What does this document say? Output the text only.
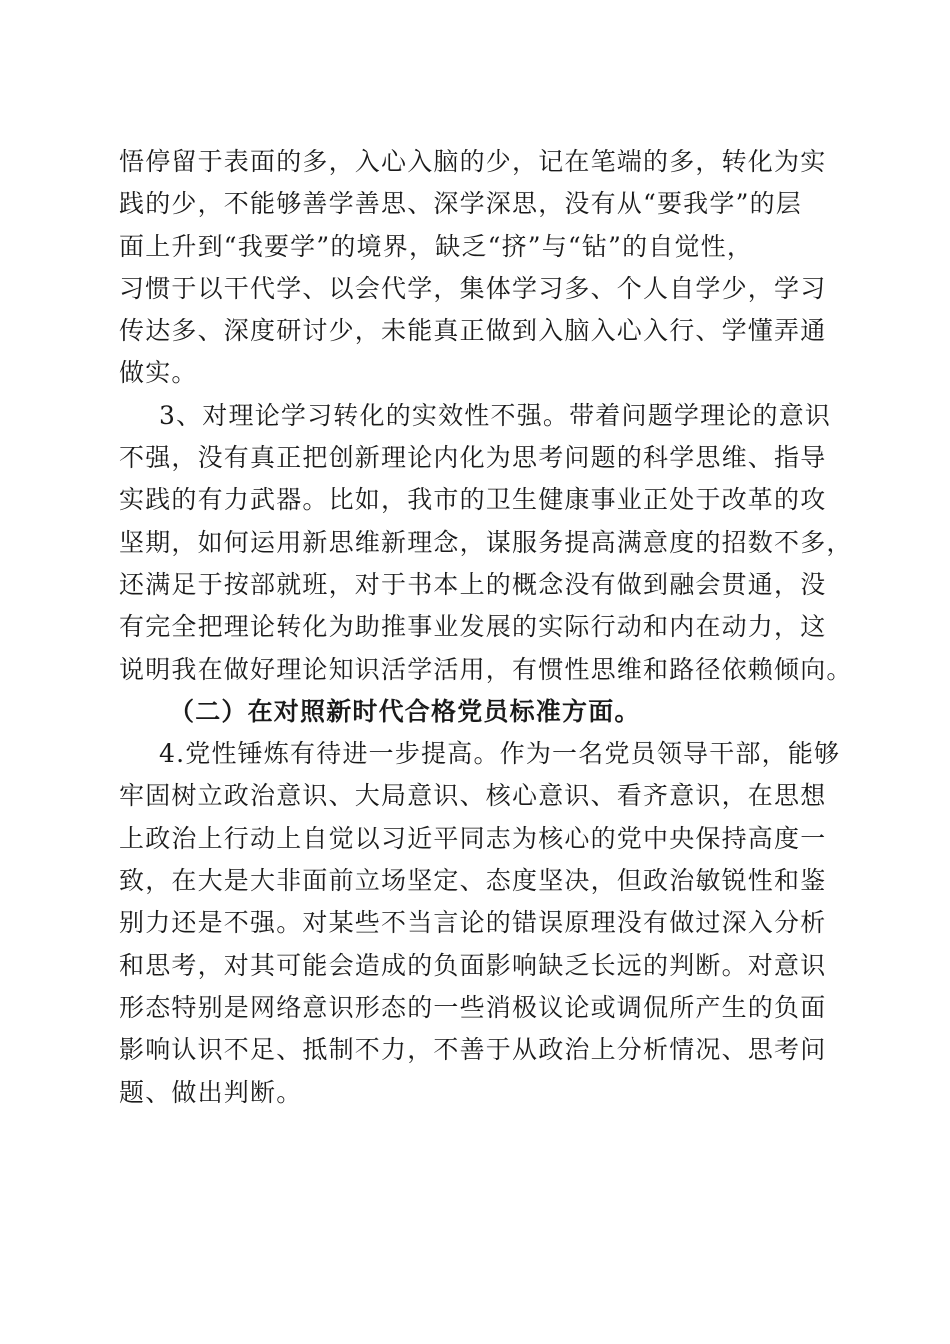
悟停留于表面的多，入心入脑的少，记在笔端的多，转化为实
践的少，不能够善学善思、深学深思，没有从“要我学”的层
面上升到“我要学”的境界，缺乏“挤”与“钻”的自觉性，
习惯于以干代学、以会代学，集体学习多、个人自学少，学习
传达多、深度研讨少，未能真正做到入脑入心入行、学懂弄通
做实。
3、对理论学习转化的实效性不强。带着问题学理论的意识
不强，没有真正把创新理论内化为思考问题的科学思维、指导
实践的有力武器。比如，我市的卫生健康事业正处于改革的攻
坚期，如何运用新思维新理念，谋服务提高满意度的招数不多，
还满足于按部就班，对于书本上的概念没有做到融会贯通，没
有完全把理论转化为助推事业发展的实际行动和内在动力，这
说明我在做好理论知识活学活用，有惯性思维和路径依赖倾向。
（二）在对照新时代合格党员标准方面。
4.党性锤炼有待进一步提高。作为一名党员领导干部，能够
牢固树立政治意识、大局意识、核心意识、看齐意识，在思想
上政治上行动上自觉以习近平同志为核心的党中央保持高度一
致，在大是大非面前立场坚定、态度坚决，但政治敏锐性和鉴
别力还是不强。对某些不当言论的错误原理没有做过深入分析
和思考，对其可能会造成的负面影响缺乏长远的判断。对意识
形态特别是网络意识形态的一些消极议论或调侃所产生的负面
影响认识不足、抵制不力，不善于从政治上分析情况、思考问
题、做出判断。
